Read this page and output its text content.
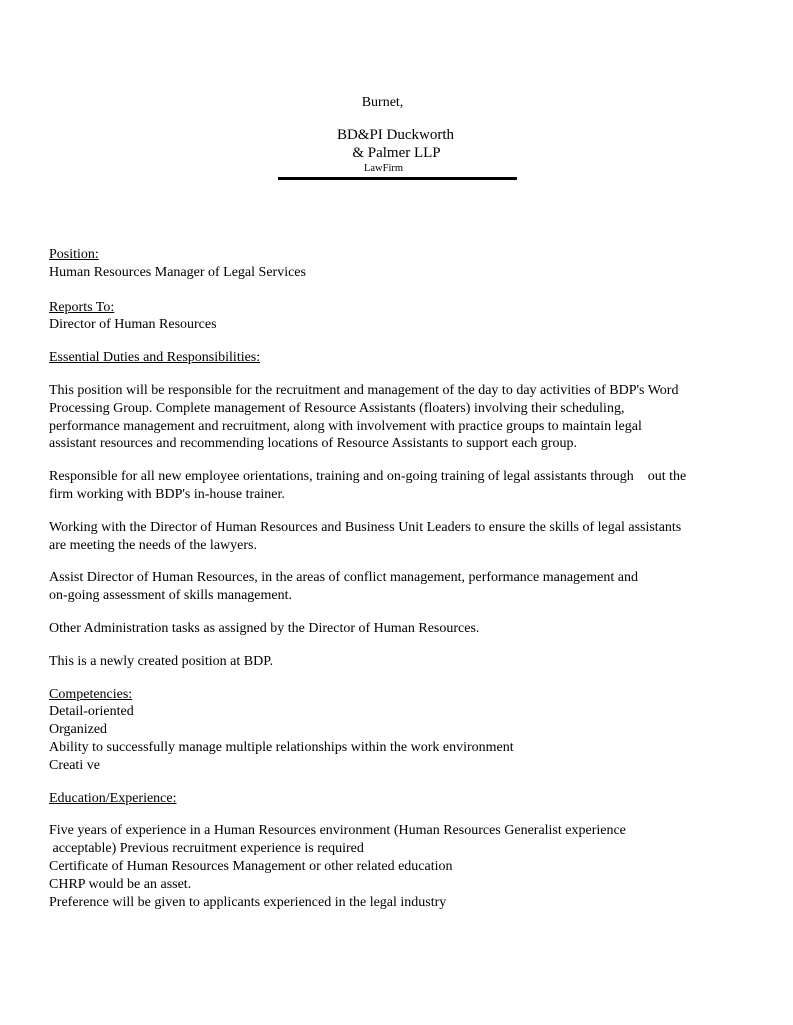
Burnet,
BD&PI Duckworth
& Palmer LLP
LawFirm
Position:
Human Resources Manager of Legal Services
Reports To:
Director of Human Resources
Essential Duties and Responsibilities:
This position will be responsible for the recruitment and management of the day to day activities of BDP's Word
Processing Group. Complete management of Resource Assistants (floaters) involving their scheduling,
performance management and recruitment, along with involvement with practice groups to maintain legal
assistant resources and recommending locations of Resource Assistants to support each group.
Responsible for all new employee orientations, training and on-going training of legal assistants through    out the
firm working with BDP's in-house trainer.
Working with the Director of Human Resources and Business Unit Leaders to ensure the skills of legal assistants
are meeting the needs of the lawyers.
Assist Director of Human Resources, in the areas of conflict management, performance management and
on-going assessment of skills management.
Other Administration tasks as assigned by the Director of Human Resources.
This is a newly created position at BDP.
Competencies:
Detail-oriented
Organized
Ability to successfully manage multiple relationships within the work environment
Creati ve
Education/Experience:
Five years of experience in a Human Resources environment (Human Resources Generalist experience
acceptable) Previous recruitment experience is required
Certificate of Human Resources Management or other related education
CHRP would be an asset.
Preference will be given to applicants experienced in the legal industry
